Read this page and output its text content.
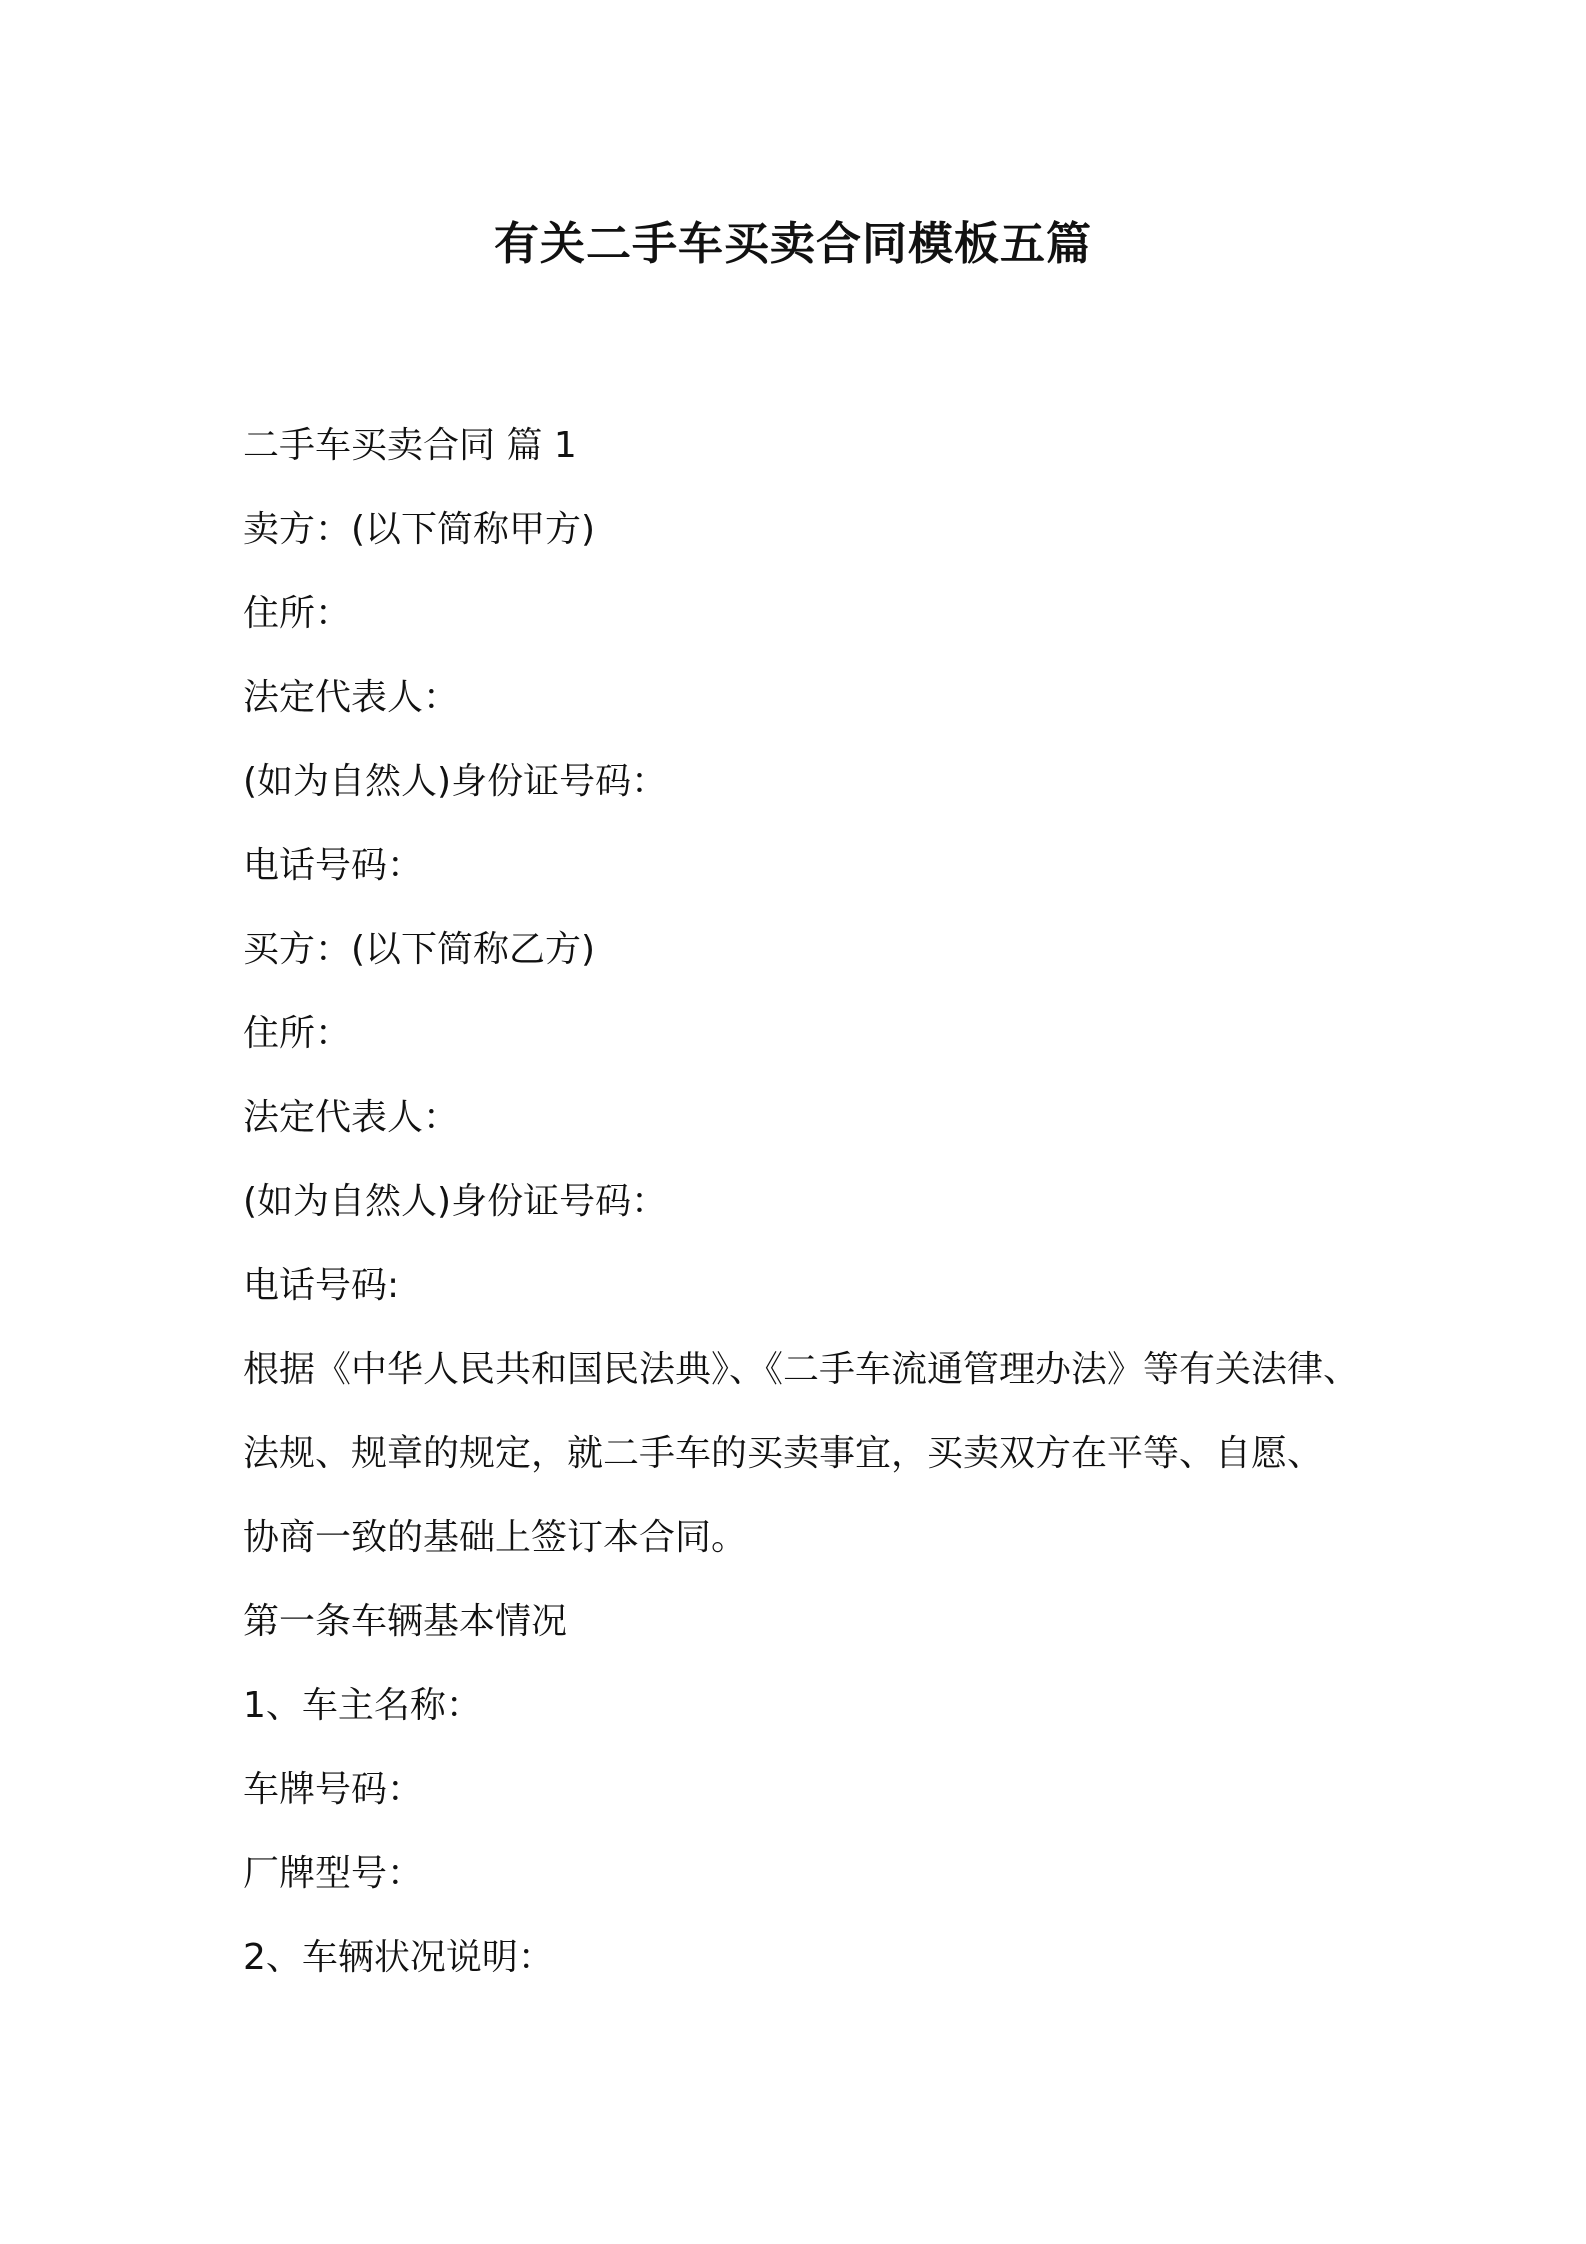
有关二手车买卖合同模板五篇

二手车买卖合同 篇 1

卖方：(以下简称甲方)

住所：

法定代表人：

(如为自然人)身份证号码：

电话号码：

买方：(以下简称乙方)

住所：

法定代表人：

(如为自然人)身份证号码：

电话号码:

根据《中华人民共和国民法典》、《二手车流通管理办法》等有关法律、

法规、规章的规定，就二手车的买卖事宜，买卖双方在平等、自愿、

协商一致的基础上签订本合同。

第一条车辆基本情况

1、车主名称：

车牌号码：

厂牌型号：

2、车辆状况说明：
